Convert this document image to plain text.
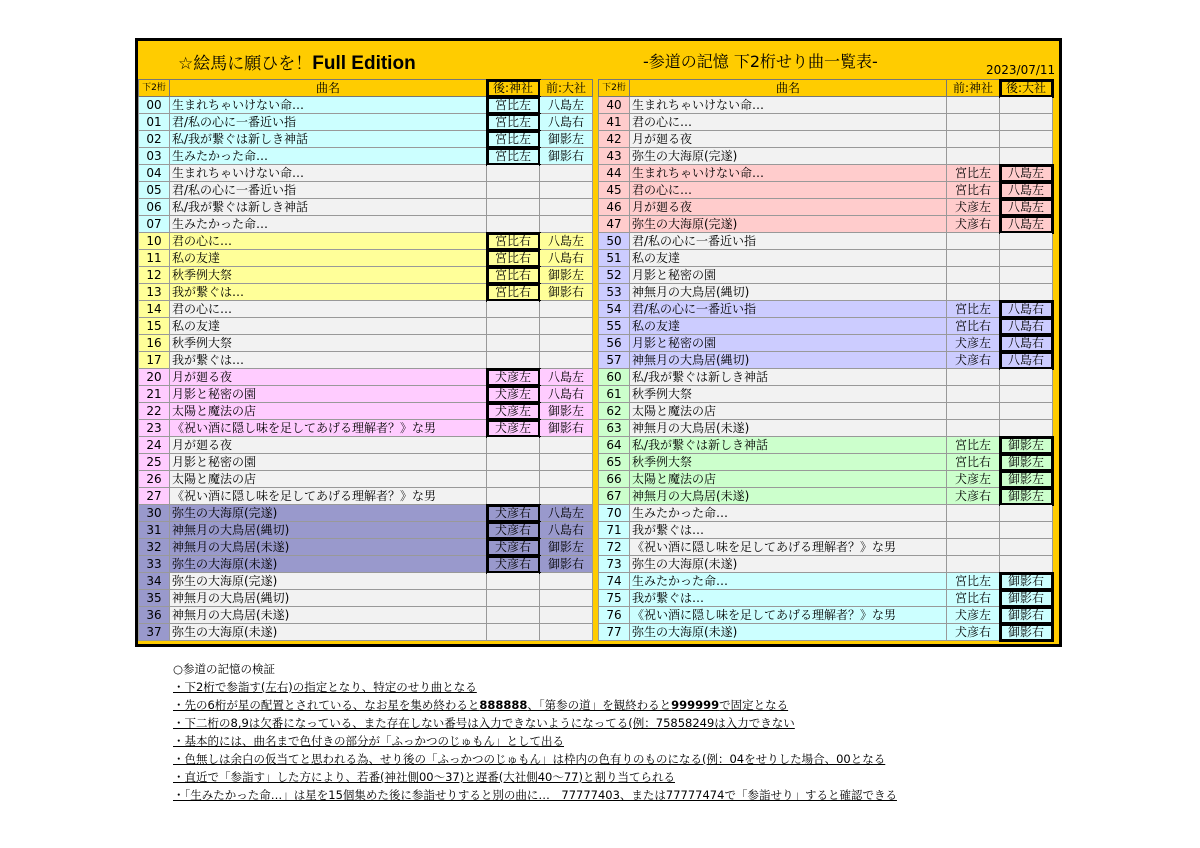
☆絵馬に願ひを！Full Edition	-参道の記憶 下2桁せり曲一覧表-	2023/07/11
下2桁	曲名	後:神社	前:大社
00	生まれちゃいけない命…	宮比左	八島左
01	君/私の心に一番近い指	宮比左	八島右
02	私/我が繋ぐは新しき神話	宮比左	御影左
03	生みたかった命…	宮比左	御影右
04	生まれちゃいけない命…		
05	君/私の心に一番近い指		
06	私/我が繋ぐは新しき神話		
07	生みたかった命…		
10	君の心に…	宮比右	八島左
11	私の友達	宮比右	八島右
12	秋季例大祭	宮比右	御影左
13	我が繋ぐは…	宮比右	御影右
14	君の心に…		
15	私の友達		
16	秋季例大祭		
17	我が繋ぐは…		
20	月が廻る夜	犬彦左	八島左
21	月影と秘密の園	犬彦左	八島右
22	太陽と魔法の店	犬彦左	御影左
23	《祝い酒に隠し味を足してあげる理解者？》な男	犬彦左	御影右
24	月が廻る夜		
25	月影と秘密の園		
26	太陽と魔法の店		
27	《祝い酒に隠し味を足してあげる理解者？》な男		
30	弥生の大海原(完遂)	犬彦右	八島左
31	神無月の大鳥居(縄切)	犬彦右	八島右
32	神無月の大鳥居(未遂)	犬彦右	御影左
33	弥生の大海原(未遂)	犬彦右	御影右
34	弥生の大海原(完遂)		
35	神無月の大鳥居(縄切)		
36	神無月の大鳥居(未遂)		
37	弥生の大海原(未遂)		
下2桁	曲名	前:神社	後:大社
40	生まれちゃいけない命…		
41	君の心に…		
42	月が廻る夜		
43	弥生の大海原(完遂)		
44	生まれちゃいけない命…	宮比左	八島左
45	君の心に…	宮比右	八島左
46	月が廻る夜	犬彦左	八島左
47	弥生の大海原(完遂)	犬彦右	八島左
50	君/私の心に一番近い指		
51	私の友達		
52	月影と秘密の園		
53	神無月の大鳥居(縄切)		
54	君/私の心に一番近い指	宮比左	八島右
55	私の友達	宮比右	八島右
56	月影と秘密の園	犬彦左	八島右
57	神無月の大鳥居(縄切)	犬彦右	八島右
60	私/我が繋ぐは新しき神話		
61	秋季例大祭		
62	太陽と魔法の店		
63	神無月の大鳥居(未遂)		
64	私/我が繋ぐは新しき神話	宮比左	御影左
65	秋季例大祭	宮比右	御影左
66	太陽と魔法の店	犬彦左	御影左
67	神無月の大鳥居(未遂)	犬彦右	御影左
70	生みたかった命…		
71	我が繋ぐは…		
72	《祝い酒に隠し味を足してあげる理解者？》な男		
73	弥生の大海原(未遂)		
74	生みたかった命…	宮比左	御影右
75	我が繋ぐは…	宮比右	御影右
76	《祝い酒に隠し味を足してあげる理解者？》な男	犬彦左	御影右
77	弥生の大海原(未遂)	犬彦右	御影右
○参道の記憶の検証
・下2桁で参詣す(左右)の指定となり、特定のせり曲となる
・先の6桁が星の配置とされている、なお星を集め終わると888888、「第参の道」を観終わると999999で固定となる
・下二桁の8,9は欠番になっている、また存在しない番号は入力できないようになってる(例：75858249は入力できない
・基本的には、曲名まで色付きの部分が「ふっかつのじゅもん」として出る
・色無しは余白の仮当てと思われる為、せり後の「ふっかつのじゅもん」は枠内の色有りのものになる(例：04をせりした場合、00となる
・直近で「参詣す」した方により、若番(神社側00～37)と遅番(大社側40～77)と割り当てられる
・「生みたかった命…」は星を15個集めた後に参詣せりすると別の曲に…　77777403、または77777474で「参詣せり」すると確認できる
